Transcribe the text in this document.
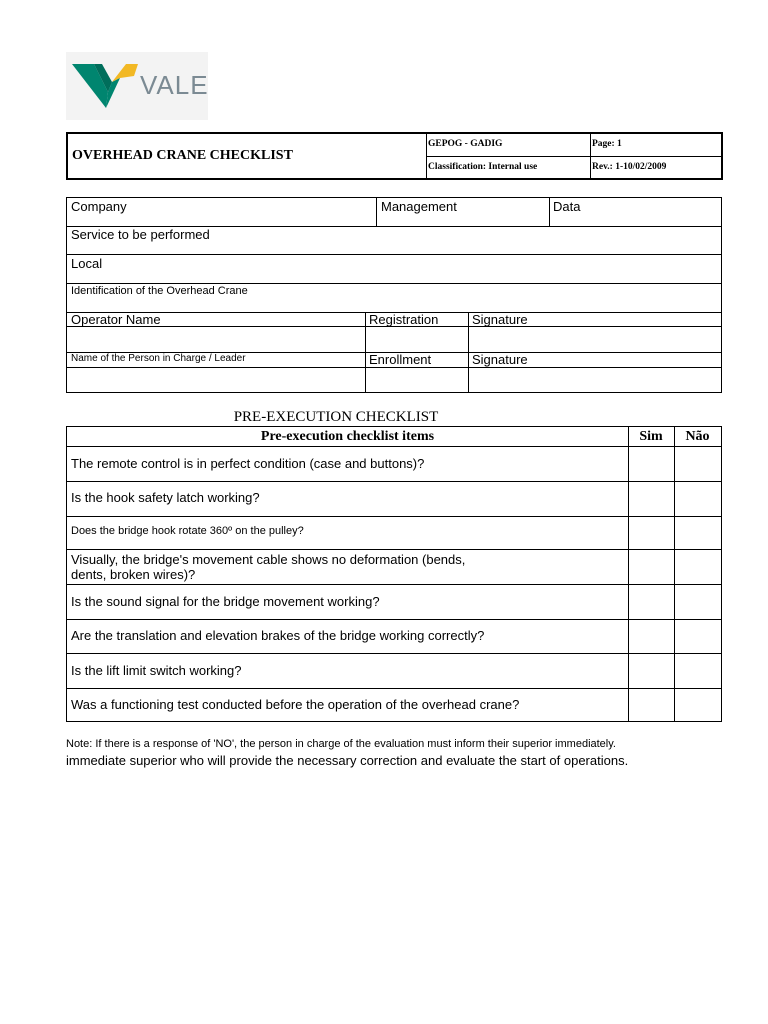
VALE
OVERHEAD CRANE CHECKLIST
GEPOG - GADIG	Page: 1
Classification: Internal use	Rev.: 1-10/02/2009
Company	Management	Data
Service to be performed
Local
Identification of the Overhead Crane
Operator Name	Registration	Signature
Name of the Person in Charge / Leader	Enrollment	Signature
PRE-EXECUTION CHECKLIST
Pre-execution checklist items	Sim	Não
The remote control is in perfect condition (case and buttons)?
Is the hook safety latch working?
Does the bridge hook rotate 360º on the pulley?
Visually, the bridge's movement cable shows no deformation (bends,
dents, broken wires)?
Is the sound signal for the bridge movement working?
Are the translation and elevation brakes of the bridge working correctly?
Is the lift limit switch working?
Was a functioning test conducted before the operation of the overhead crane?
Note: If there is a response of 'NO', the person in charge of the evaluation must inform their superior immediately.
immediate superior who will provide the necessary correction and evaluate the start of operations.
